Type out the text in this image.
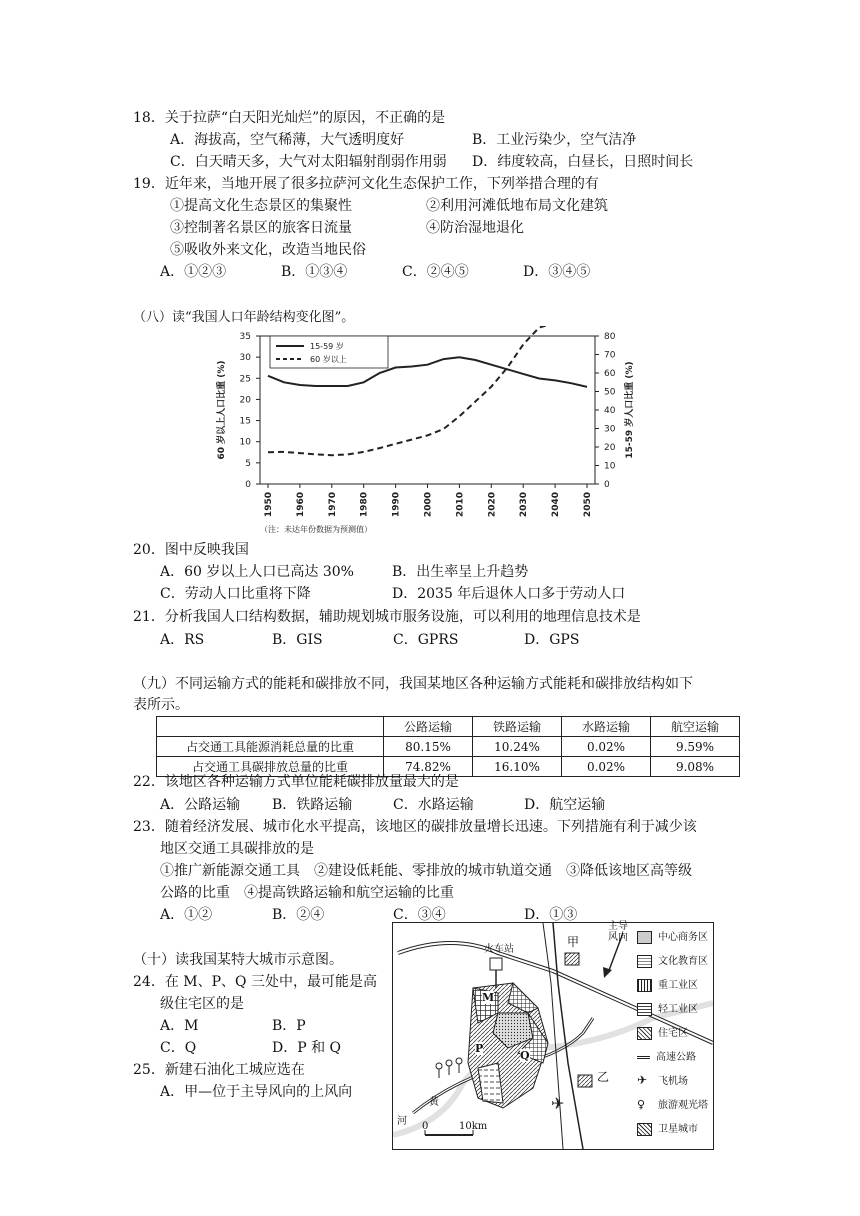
18．关于拉萨“白天阳光灿烂”的原因，不正确的是
A．海拔高，空气稀薄，大气透明度好	B．工业污染少，空气洁净
C．白天晴天多，大气对太阳辐射削弱作用弱 D．纬度较高，白昼长，日照时间长
19．近年来，当地开展了很多拉萨河文化生态保护工作，下列举措合理的有
①提高文化生态景区的集聚性	②利用河滩低地布局文化建筑
③控制著名景区的旅客日流量	④防治湿地退化
⑤吸收外来文化，改造当地民俗
A．①②③	B．①③④	C．②④⑤	D．③④⑤
（八）读“我国人口年龄结构变化图”。
0
5
10
15
20
25
30
35
0
10
20
30
40
50
60
70
80
1950 1960 1970 1980 1990 2000 2010 2020 2030 2040 2050
60 岁以上人口比重 (%)	15-59 岁人口比重 (%)
15-59 岁
60 岁以上
（注：未达年份数据为预测值）
20．图中反映我国
A．60 岁以上人口已高达 30%	B．出生率呈上升趋势
C．劳动人口比重将下降	D．2035 年后退休人口多于劳动人口
21．分析我国人口结构数据，辅助规划城市服务设施，可以利用的地理信息技术是
A．RS	B．GIS	C．GPRS	D．GPS
（九）不同运输方式的能耗和碳排放不同，我国某地区各种运输方式能耗和碳排放结构如下
表所示。
	公路运输	铁路运输	水路运输	航空运输
占交通工具能源消耗总量的比重	80.15%	10.24%	0.02%	9.59%
占交通工具碳排放总量的比重	74.82%	16.10%	0.02%	9.08%
22．该地区各种运输方式单位能耗碳排放量最大的是
A．公路运输 B．铁路运输	C．水路运输	D．航空运输
23．随着经济发展、城市化水平提高，该地区的碳排放量增长迅速。下列措施有利于减少该
地区交通工具碳排放的是
①推广新能源交通工具　②建设低耗能、零排放的城市轨道交通　③降低该地区高等级
公路的比重　④提高铁路运输和航空运输的比重
A．①②	B．②④	C．③④	D．①③
（十）读我国某特大城市示意图。
24．在 M、P、Q 三处中，最可能是高
级住宅区的是
A．M	B．P
C．Q	D．P 和 Q
25．新建石油化工城应选在
A．甲—位于主导风向的上风向
✈
火车站
主导风向
甲
乙
M
P
Q
黄
河 0	10km
中心商务区
文化教育区
重工业区
轻工业区
住宅区
高速公路
✈ 飞机场
♀ 旅游观光塔
卫星城市
